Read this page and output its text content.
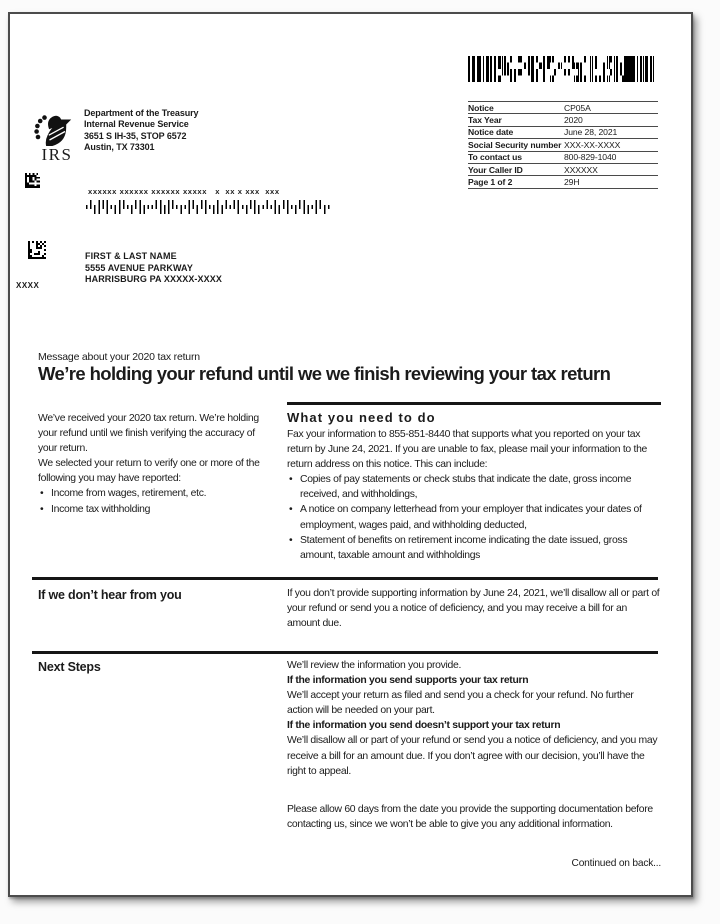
Notice	CP05A
Tax Year	2020
Notice date	June 28, 2021
Social Security number	XXX-XX-XXXX
To contact us	800-829-1040
Your Caller ID	XXXXXX
Page 1 of 2	29H
IRS
Department of the Treasury
Internal Revenue Service
3651 S IH-35, STOP 6572
Austin, TX 73301
xxxxxx xxxxxx xxxxxx xxxxx   x  xx x xxx  xxx
XXXX
FIRST & LAST NAME
5555 AVENUE PARKWAY
HARRISBURG PA XXXXX-XXXX
Message about your 2020 tax return
We’re holding your refund until we we finish reviewing your tax return
We’ve received your 2020 tax return. We’re holding your refund until we finish verifying the accuracy of your return.
We selected your return to verify one or more of the following you may have reported:
• Income from wages, retirement, etc.
• Income tax withholding
What you need to do
Fax your information to 855-851-8440 that supports what you reported on your tax return by June 24, 2021. If you are unable to fax, please mail your information to the return address on this notice. This can include:
• Copies of pay statements or check stubs that indicate the date, gross income received, and withholdings,
• A notice on company letterhead from your employer that indicates your dates of employment, wages paid, and withholding deducted,
• Statement of benefits on retirement income indicating the date issued, gross amount, taxable amount and withholdings
If we don’t hear from you	If you don’t provide supporting information by June 24, 2021, we’ll disallow all or part of your refund or send you a notice of deficiency, and you may receive a bill for an amount due.
Next Steps	We’ll review the information you provide.

If the information you send supports your tax return

We’ll accept your return as filed and send you a check for your refund. No further action will be needed on your part.

If the information you send doesn’t support your tax return

We’ll disallow all or part of your refund or send you a notice of deficiency, and you may receive a bill for an amount due. If you don’t agree with our decision, you’ll have the right to appeal.

Please allow 60 days from the date you provide the supporting documentation before contacting us, since we won’t be able to give you any additional information.

Continued on back...
